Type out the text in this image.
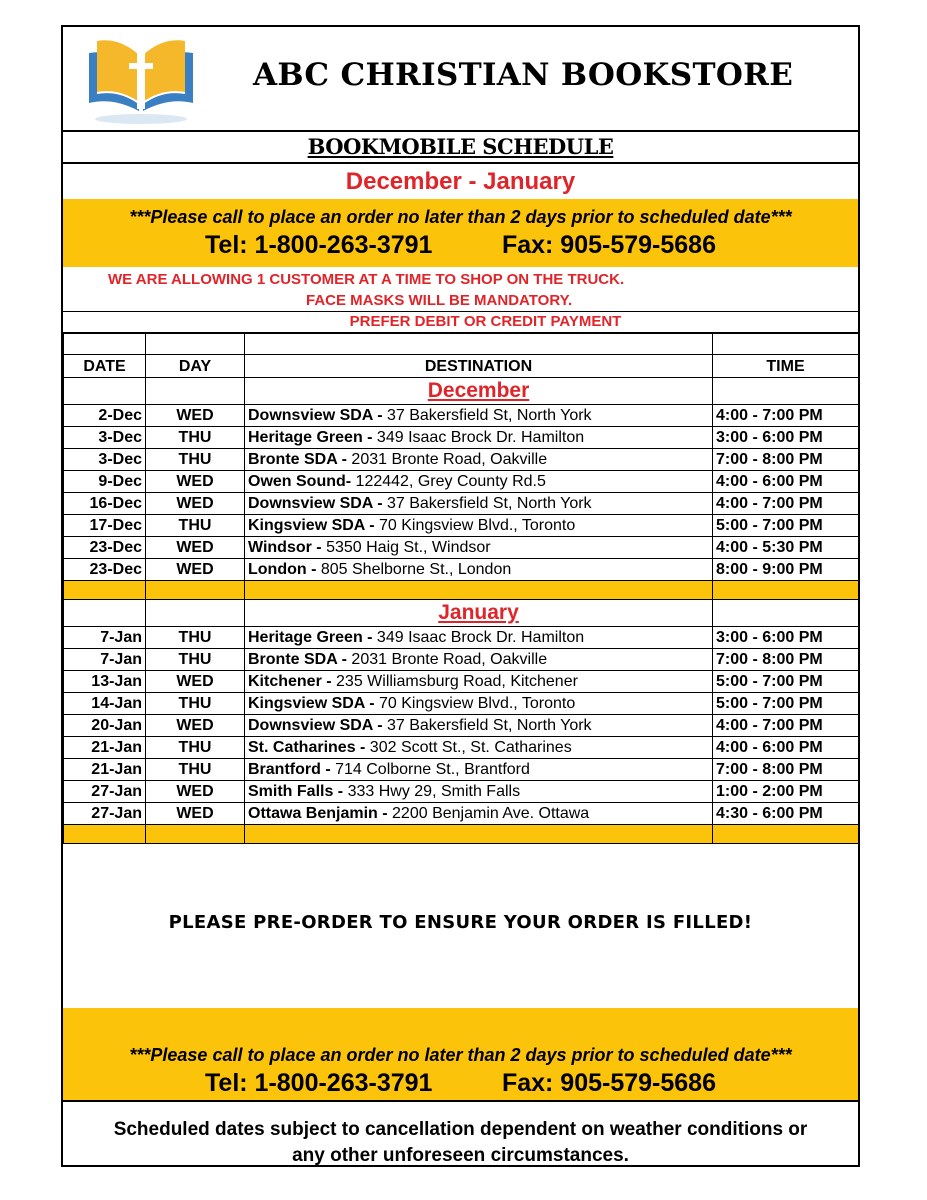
ABC CHRISTIAN BOOKSTORE
BOOKMOBILE SCHEDULE
December - January
***Please call to place an order no later than 2 days prior to scheduled date***
Tel: 1-800-263-3791	Fax: 905-579-5686
WE ARE ALLOWING 1 CUSTOMER AT A TIME TO SHOP ON THE TRUCK.
FACE MASKS WILL BE MANDATORY.
PREFER DEBIT OR CREDIT PAYMENT

DATE	DAY	DESTINATION	TIME
		December	
2-Dec	WED	Downsview SDA - 37 Bakersfield St, North York	4:00 - 7:00 PM
3-Dec	THU	Heritage Green - 349 Isaac Brock Dr. Hamilton	3:00 - 6:00 PM
3-Dec	THU	Bronte SDA - 2031 Bronte Road, Oakville	7:00 - 8:00 PM
9-Dec	WED	Owen Sound- 122442, Grey County Rd.5	4:00 - 6:00 PM
16-Dec	WED	Downsview SDA - 37 Bakersfield St, North York	4:00 - 7:00 PM
17-Dec	THU	Kingsview SDA - 70 Kingsview Blvd., Toronto	5:00 - 7:00 PM
23-Dec	WED	Windsor - 5350 Haig St., Windsor	4:00 - 5:30 PM
23-Dec	WED	London - 805 Shelborne St., London	8:00 - 9:00 PM

		January	
7-Jan	THU	Heritage Green - 349 Isaac Brock Dr. Hamilton	3:00 - 6:00 PM
7-Jan	THU	Bronte SDA - 2031 Bronte Road, Oakville	7:00 - 8:00 PM
13-Jan	WED	Kitchener - 235 Williamsburg Road, Kitchener	5:00 - 7:00 PM
14-Jan	THU	Kingsview SDA - 70 Kingsview Blvd., Toronto	5:00 - 7:00 PM
20-Jan	WED	Downsview SDA - 37 Bakersfield St, North York	4:00 - 7:00 PM
21-Jan	THU	St. Catharines - 302 Scott St., St. Catharines	4:00 - 6:00 PM
21-Jan	THU	Brantford - 714 Colborne St., Brantford	7:00 - 8:00 PM
27-Jan	WED	Smith Falls - 333 Hwy 29, Smith Falls	1:00 - 2:00 PM
27-Jan	WED	Ottawa Benjamin - 2200 Benjamin Ave. Ottawa	4:30 - 6:00 PM

PLEASE PRE-ORDER TO ENSURE YOUR ORDER IS FILLED!
***Please call to place an order no later than 2 days prior to scheduled date***
Tel: 1-800-263-3791	Fax: 905-579-5686
Scheduled dates subject to cancellation dependent on weather conditions or
any other unforeseen circumstances.
